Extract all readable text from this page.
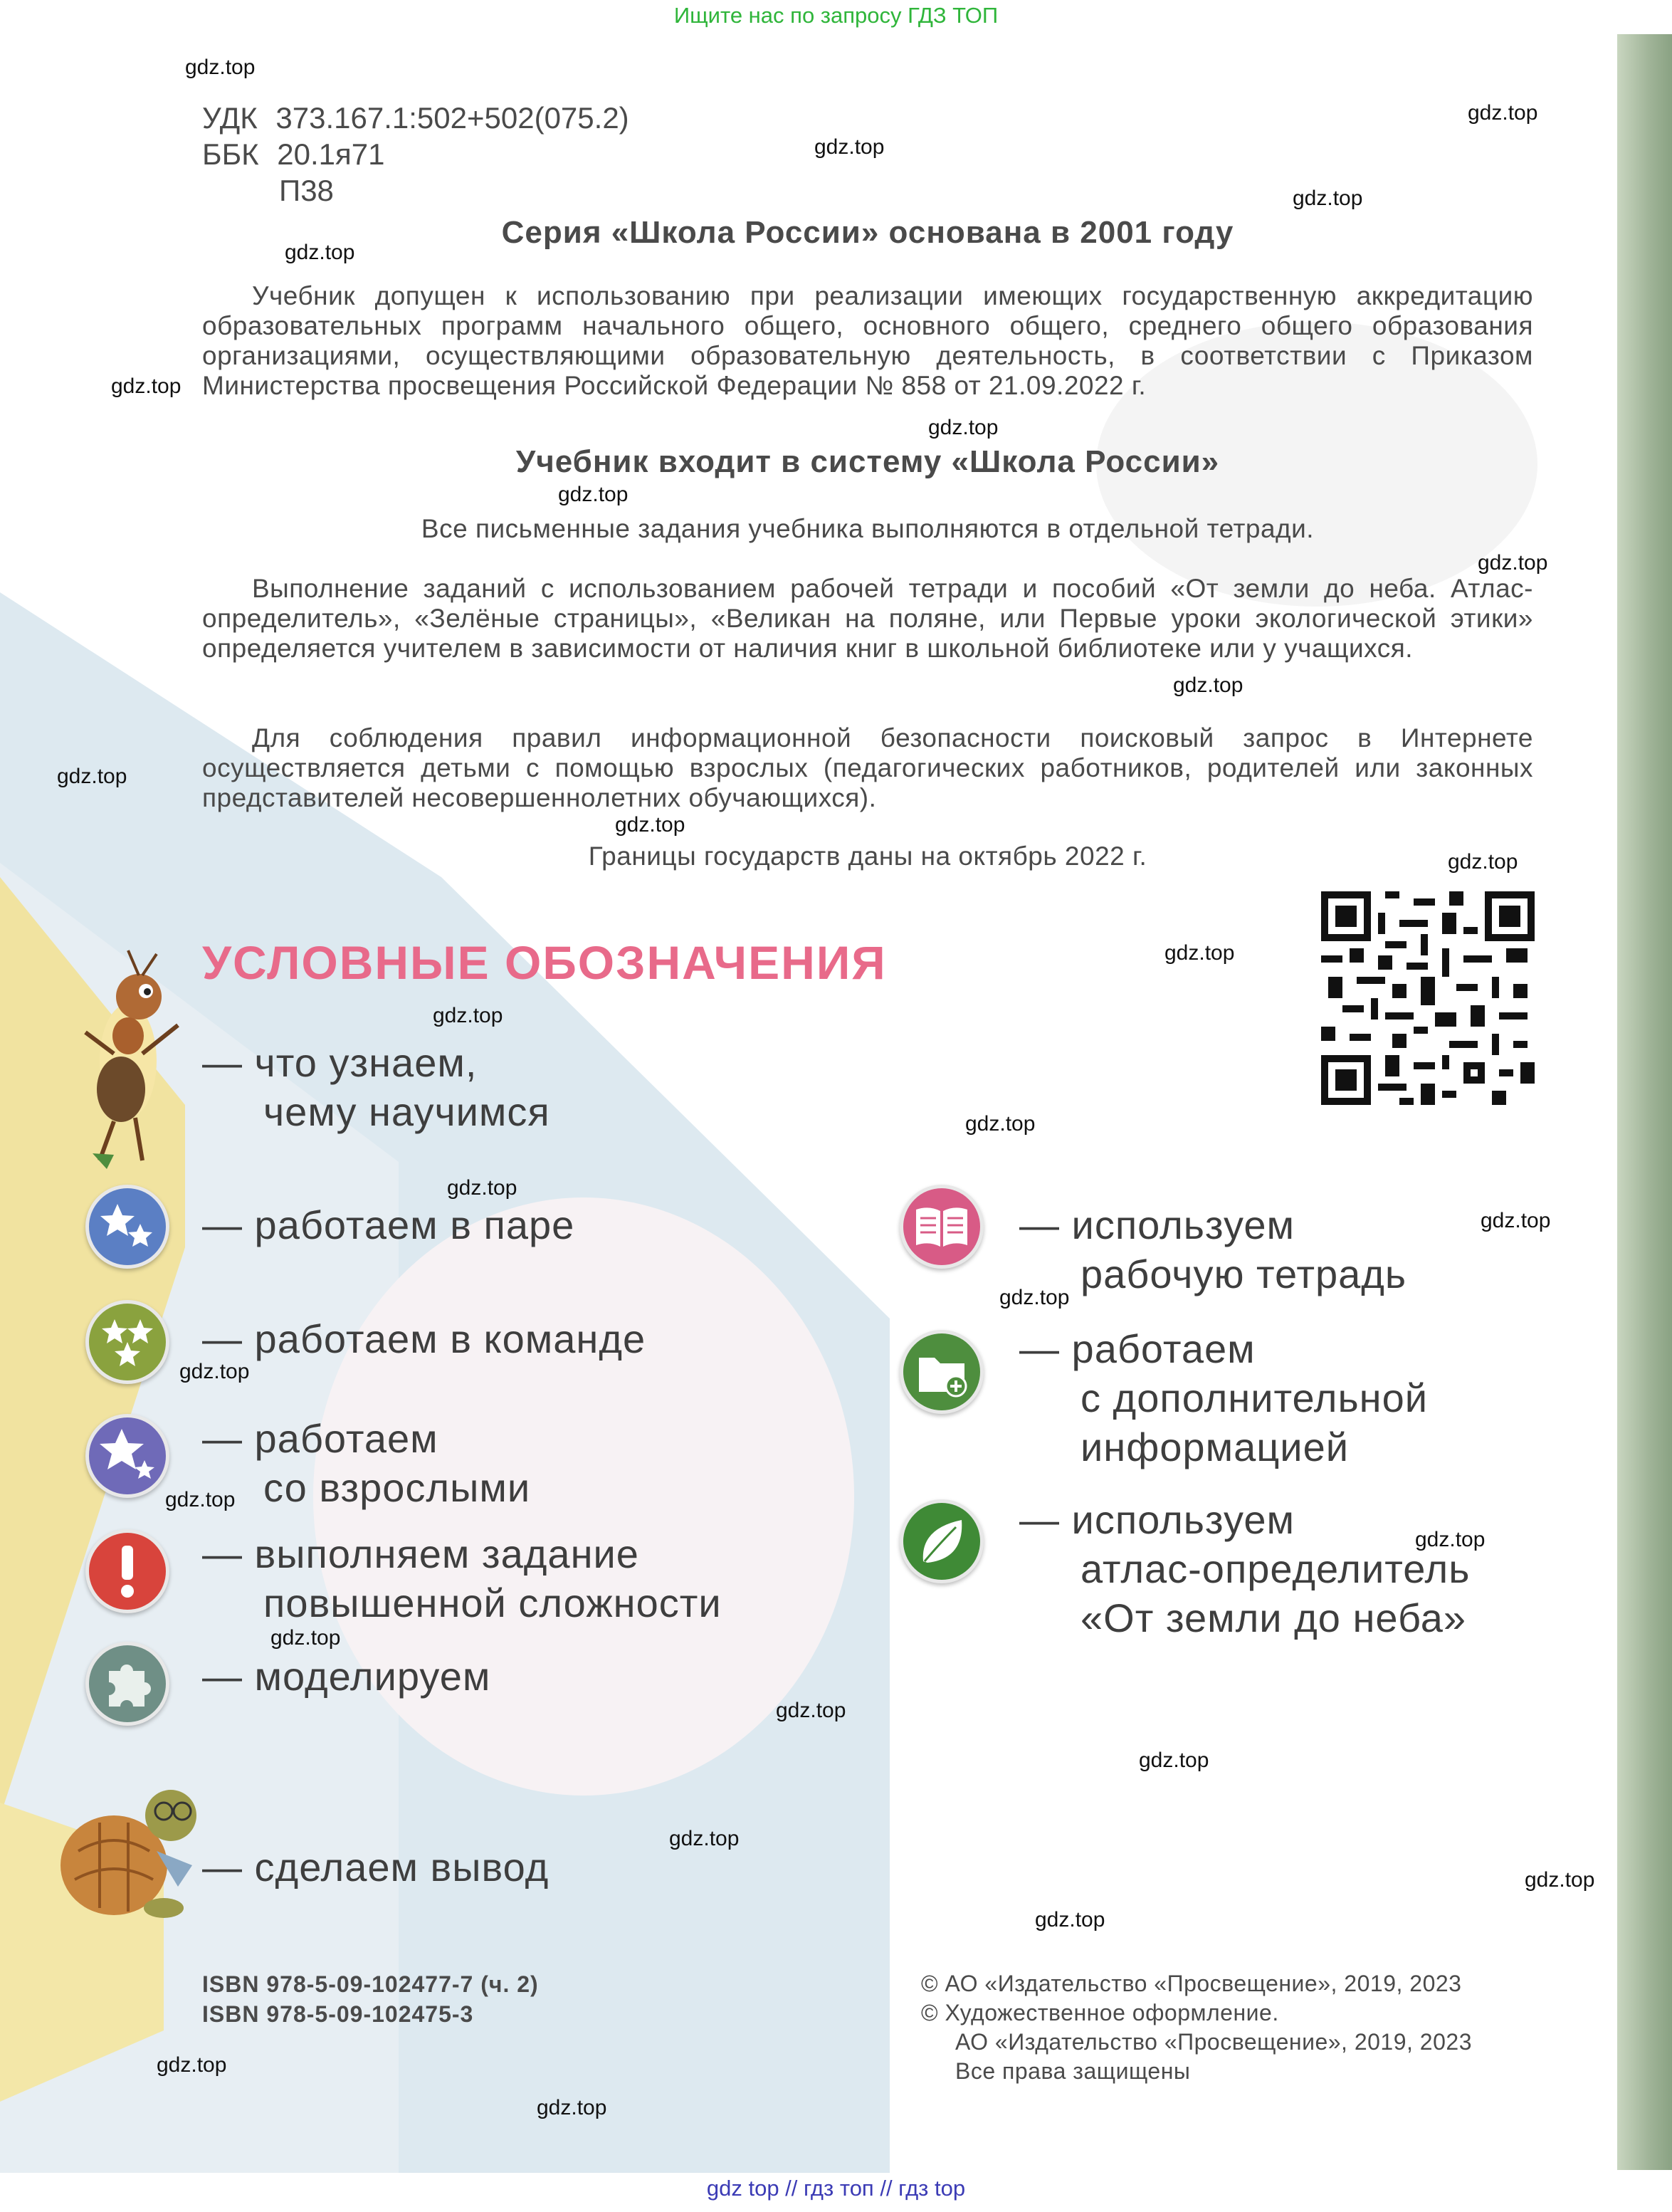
Ищите нас по запросу ГДЗ ТОП
УДК 373.167.1:502+502(075.2)
ББК 20.1я71
П38
Серия «Школа России» основана в 2001 году
Учебник допущен к использованию при реализации имеющих государственную аккредитацию образовательных программ начального общего, основного общего, среднего общего образования организациями, осуществляющими образовательную деятельность, в соответствии с Приказом Министерства просвещения Российской Федерации № 858 от 21.09.2022 г.
Учебник входит в систему «Школа России»
Все письменные задания учебника выполняются в отдельной тетради.
Выполнение заданий с использованием рабочей тетради и пособий «От земли до неба. Атлас-определитель», «Зелёные страницы», «Великан на поляне, или Первые уроки экологической этики» определяется учителем в зависимости от наличия книг в школьной библиотеке или у учащихся.
Для соблюдения правил информационной безопасности поисковый запрос в Интернете осуществляется детьми с помощью взрослых (педагогических работников, родителей или законных представителей несовершеннолетних обучающихся).
Границы государств даны на октябрь 2022 г.
УСЛОВНЫЕ ОБОЗНАЧЕНИЯ
— что узнаем,
чему научимся
— работаем в паре
— работаем в команде
— работаем
со взрослыми
— выполняем задание
повышенной сложности
— моделируем
— сделаем вывод
— используем
рабочую тетрадь
— работаем
с дополнительной
информацией
— используем
атлас-определитель
«От земли до неба»
ISBN 978-5-09-102477-7 (ч. 2)
ISBN 978-5-09-102475-3
© АО «Издательство «Просвещение», 2019, 2023
© Художественное оформление.
АО «Издательство «Просвещение», 2019, 2023
Все права защищены
gdz.top
gdz.top
gdz.top
gdz.top
gdz.top
gdz.top
gdz.top
gdz.top
gdz.top
gdz.top
gdz.top
gdz.top
gdz.top
gdz.top
gdz.top
gdz.top
gdz.top
gdz.top
gdz.top
gdz.top
gdz.top
gdz.top
gdz.top
gdz.top
gdz.top
gdz.top
gdz.top
gdz.top
gdz.top
gdz.top
gdz top // гдз топ // гдз top
